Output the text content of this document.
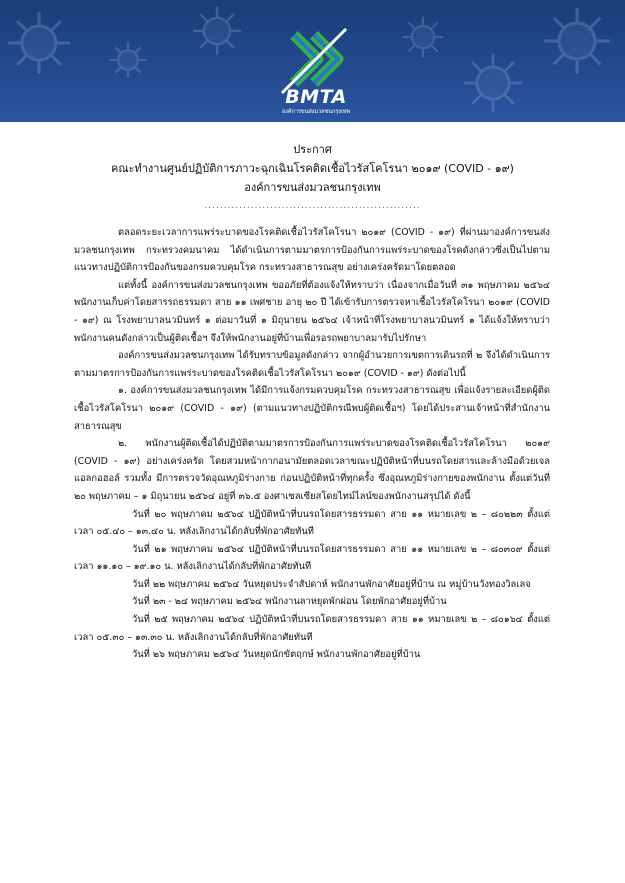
BMTA
องค์การขนส่งมวลชนกรุงเทพ
ประกาศ
คณะทำงานศูนย์ปฏิบัติการภาวะฉุกเฉินโรคติดเชื้อไวรัสโคโรนา ๒๐๑๙ (COVID - ๑๙)
องค์การขนส่งมวลชนกรุงเทพ
........................................................

ตลอดระยะเวลาการแพร่ระบาดของโรคติดเชื้อไวรัสโคโรนา ๒๐๑๙ (COVID - ๑๙) ที่ผ่านมาองค์การขนส่งมวลชนกรุงเทพ กระทรวงคมนาคม ได้ดำเนินการตามมาตรการป้องกันการแพร่ระบาดของโรคดังกล่าวซึ่งเป็นไปตามแนวทางปฏิบัติการป้องกันของกรมควบคุมโรค กระทรวงสาธารณสุข อย่างเคร่งครัดมาโดยตลอด

แต่ทั้งนี้ องค์การขนส่งมวลชนกรุงเทพ ขออภัยที่ต้องแจ้งให้ทราบว่า เนื่องจากเมื่อวันที่ ๓๑ พฤษภาคม ๒๕๖๔ พนักงานเก็บค่าโดยสารรถธรรมดา สาย ๑๑ เพศชาย อายุ ๒๐ ปี ได้เข้ารับการตรวจหาเชื้อไวรัสโคโรนา ๒๐๑๙ (COVID - ๑๙) ณ โรงพยาบาลนวมินทร์ ๑ ต่อมาวันที่ ๑ มิถุนายน ๒๕๖๔ เจ้าหน้าที่โรงพยาบาลนวมินทร์ ๑ ได้แจ้งให้ทราบว่า พนักงานคนดังกล่าวเป็นผู้ติดเชื้อฯ จึงให้พนักงานอยู่ที่บ้านเพื่อรอรถพยาบาลมารับไปรักษา

องค์การขนส่งมวลชนกรุงเทพ ได้รับทราบข้อมูลดังกล่าว จากผู้อำนวยการเขตการเดินรถที่ ๒ จึงได้ดำเนินการตามมาตรการป้องกันการแพร่ระบาดของโรคติดเชื้อไวรัสโคโรนา ๒๐๑๙ (COVID - ๑๙) ดังต่อไปนี้

๑. องค์การขนส่งมวลชนกรุงเทพ ได้มีการแจ้งกรมควบคุมโรค กระทรวงสาธารณสุข เพื่อแจ้งรายละเอียดผู้ติดเชื้อไวรัสโคโรนา ๒๐๑๙ (COVID - ๑๙) (ตามแนวทางปฏิบัติกรณีพบผู้ติดเชื้อฯ) โดยได้ประสานเจ้าหน้าที่สำนักงานสาธารณสุข

๒. พนักงานผู้ติดเชื้อได้ปฏิบัติตามมาตรการป้องกันการแพร่ระบาดของโรคติดเชื้อไวรัสโคโรนา ๒๐๑๙ (COVID - ๑๙) อย่างเคร่งครัด โดยสวมหน้ากากอนามัยตลอดเวลาขณะปฏิบัติหน้าที่บนรถโดยสารและล้างมือด้วยเจลแอลกอฮอล์ รวมทั้ง มีการตรวจวัดอุณหภูมิร่างกาย ก่อนปฏิบัติหน้าที่ทุกครั้ง ซึ่งอุณหภูมิร่างกายของพนักงาน ตั้งแต่วันที่ ๒๐ พฤษภาคม – ๑ มิถุนายน ๒๕๖๔ อยู่ที่ ๓๖.๕ องศาเซลเซียสโดยไทม์ไลน์ของพนักงานสรุปได้ ดังนี้

วันที่ ๒๐ พฤษภาคม ๒๕๖๔ ปฏิบัติหน้าที่บนรถโดยสารธรรมดา สาย ๑๑ หมายเลข ๒ – ๘๐๒๒๓ ตั้งแต่เวลา ๐๕.๔๐ – ๑๓.๔๐ น. หลังเลิกงานได้กลับที่พักอาศัยทันที

วันที่ ๒๑ พฤษภาคม ๒๕๖๔ ปฏิบัติหน้าที่บนรถโดยสารธรรมดา สาย ๑๑ หมายเลข ๒ – ๘๐๓๐๙ ตั้งแต่เวลา ๑๑.๑๐ – ๑๙.๑๐ น. หลังเลิกงานได้กลับที่พักอาศัยทันที

วันที่ ๒๒ พฤษภาคม ๒๕๖๔ วันหยุดประจำสัปดาห์ พนักงานพักอาศัยอยู่ที่บ้าน ณ หมู่บ้านวังทองวิลเลจ

วันที่ ๒๓ - ๒๔ พฤษภาคม ๒๕๖๔ พนักงานลาหยุดพักผ่อน โดยพักอาศัยอยู่ที่บ้าน

วันที่ ๒๕ พฤษภาคม ๒๕๖๔ ปฏิบัติหน้าที่บนรถโดยสารธรรมดา สาย ๑๑ หมายเลข ๒ – ๘๐๑๖๔ ตั้งแต่เวลา ๐๕.๓๐ – ๑๓.๓๐ น. หลังเลิกงานได้กลับที่พักอาศัยทันที

วันที่ ๒๖ พฤษภาคม ๒๕๖๔ วันหยุดนักขัตฤกษ์ พนักงานพักอาศัยอยู่ที่บ้าน
